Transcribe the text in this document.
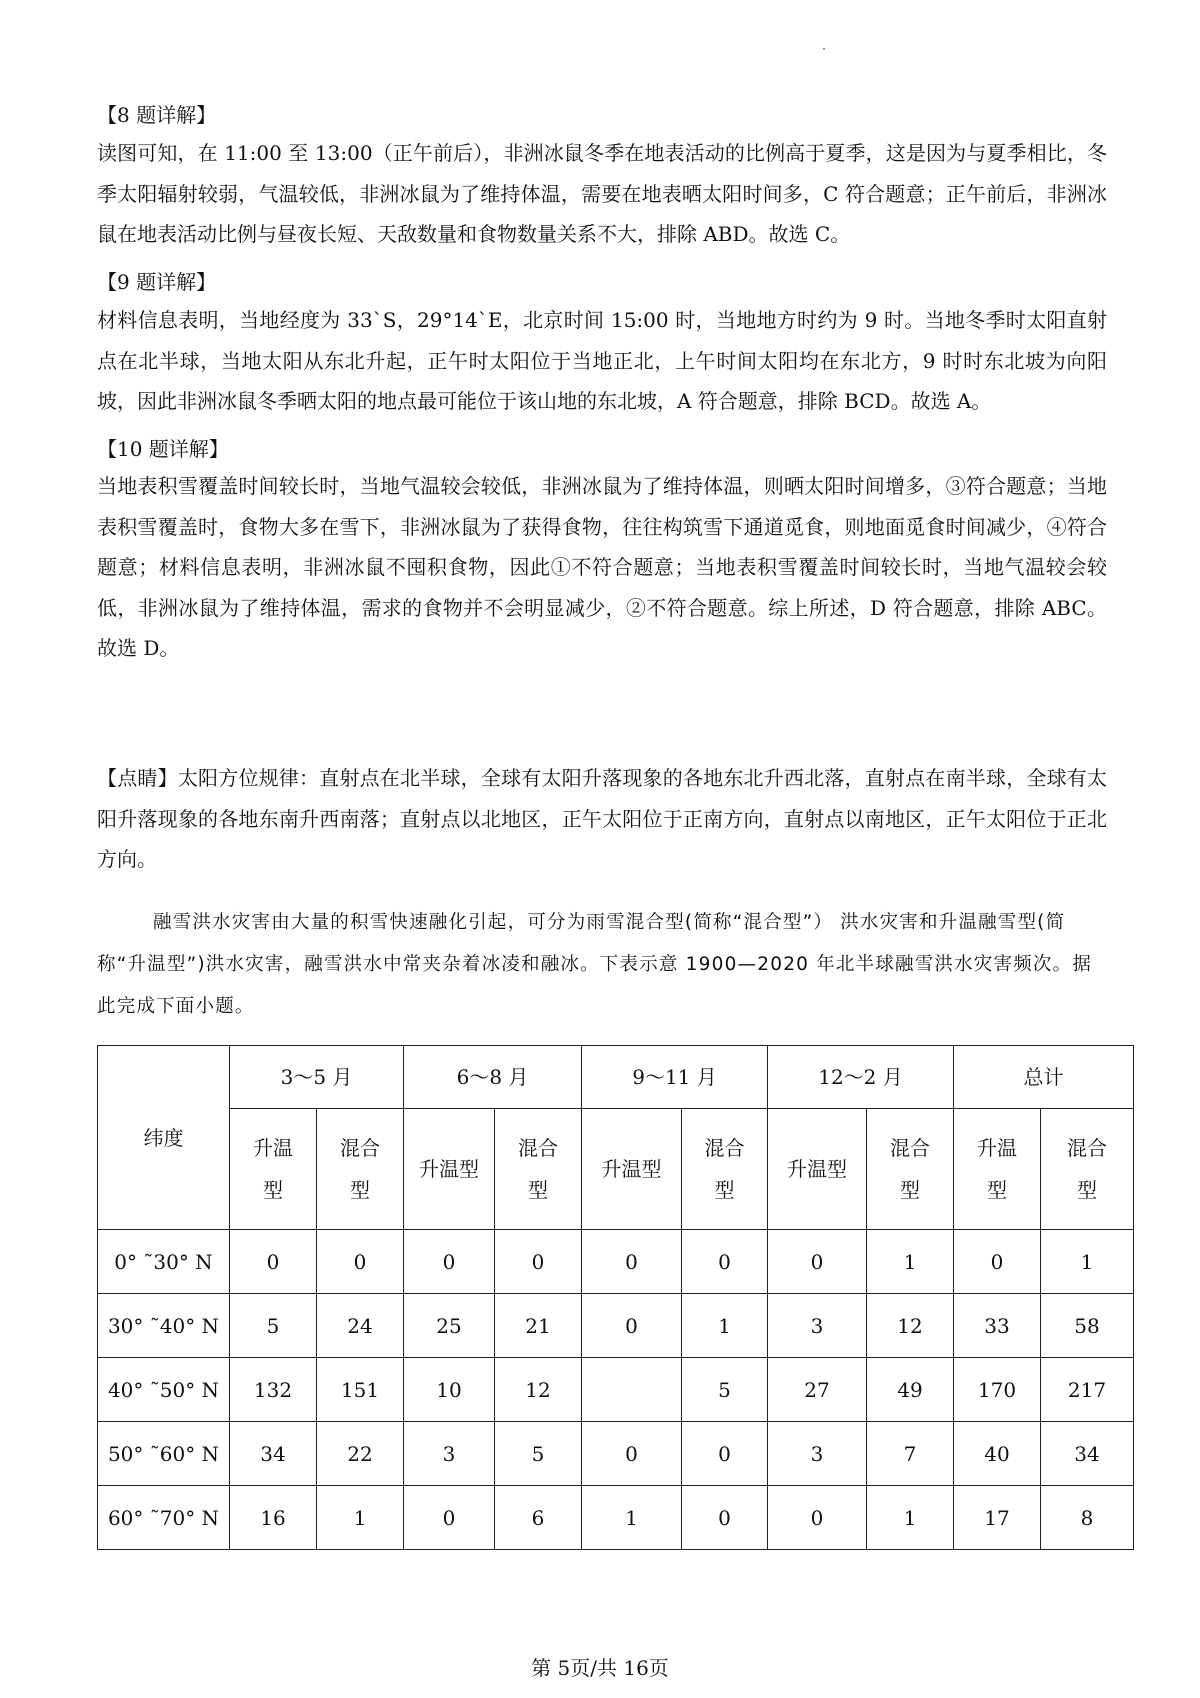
【8 题详解】

读图可知，在 11:00 至 13:00（正午前后），非洲冰鼠冬季在地表活动的比例高于夏季，这是因为与夏季相比，冬季太阳辐射较弱，气温较低，非洲冰鼠为了维持体温，需要在地表晒太阳时间多，C 符合题意；正午前后，非洲冰鼠在地表活动比例与昼夜长短、天敌数量和食物数量关系不大，排除 ABD。故选 C。

【9 题详解】

材料信息表明，当地经度为 33`S，29°14`E，北京时间 15:00 时，当地地方时约为 9 时。当地冬季时太阳直射点在北半球，当地太阳从东北升起，正午时太阳位于当地正北，上午时间太阳均在东北方，9 时时东北坡为向阳坡，因此非洲冰鼠冬季晒太阳的地点最可能位于该山地的东北坡，A 符合题意，排除 BCD。故选 A。

【10 题详解】

当地表积雪覆盖时间较长时，当地气温较会较低，非洲冰鼠为了维持体温，则晒太阳时间增多，③符合题意；当地表积雪覆盖时，食物大多在雪下，非洲冰鼠为了获得食物，往往构筑雪下通道觅食，则地面觅食时间减少，④符合题意；材料信息表明，非洲冰鼠不囤积食物，因此①不符合题意；当地表积雪覆盖时间较长时，当地气温较会较低，非洲冰鼠为了维持体温，需求的食物并不会明显减少，②不符合题意。综上所述，D 符合题意，排除 ABC。故选 D。

【点睛】太阳方位规律：直射点在北半球，全球有太阳升落现象的各地东北升西北落，直射点在南半球，全球有太阳升落现象的各地东南升西南落；直射点以北地区，正午太阳位于正南方向，直射点以南地区，正午太阳位于正北方向。

融雪洪水灾害由大量的积雪快速融化引起，可分为雨雪混合型(简称“混合型”） 洪水灾害和升温融雪型(简称“升温型”)洪水灾害，融雪洪水中常夹杂着冰凌和融冰。下表示意 1900—2020 年北半球融雪洪水灾害频次。据此完成下面小题。

纬度	3～5 月		6～8 月		9～11 月		12～2 月		总计	
	升温型	混合型	升温型	混合型	升温型	混合型	升温型	混合型	升温型	混合型
0° ˜30° N	0	0	0	0	0	0	0	1	0	1
30° ˜40° N	5	24	25	21	0	1	3	12	33	58
40° ˜50° N	132	151	10	12		5	27	49	170	217
50° ˜60° N	34	22	3	5	0	0	3	7	40	34
60° ˜70° N	16	1	0	6	1	0	0	1	17	8

第 5页/共 16页
